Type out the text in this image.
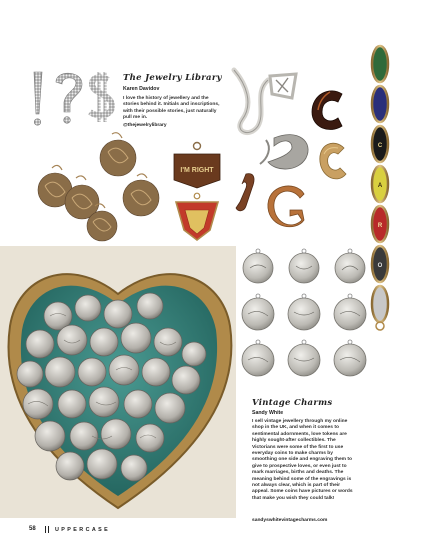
The Jewelry Library
Karen Davidov
I love the history of jewellery and the stories behind it. Initials and inscriptions, with their possible stories, just naturally pull me in.
@thejewelrylibrary
I'M RIGHT
C
A
R
O
Vintage Charms
Sandy White
I sell vintage jewellery through my online shop in the UK, and when it comes to sentimental adornments, love tokens are highly sought-after collectibles. The Victorians were some of the first to use everyday coins to make charms by smoothing one side and engraving them to give to prospective loves, or even just to mark marriages, births and deaths. The meaning behind some of the engravings is not always clear, which is part of their appeal. Some coins have pictures or words that make you wish they could talk!
sandyswhitevintagecharms.com
58	UPPERCASE
